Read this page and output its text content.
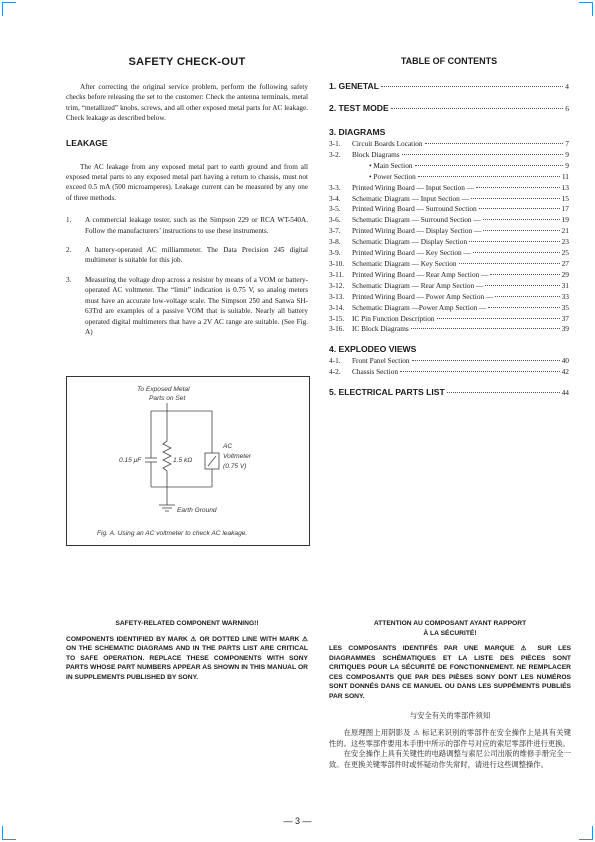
SAFETY CHECK-OUT

After correcting the original service problem, perform the following safety checks before releasing the set to the customer: Check the antenna terminals, metal trim, “metallized” knobs, screws, and all other exposed metal parts for AC leakage. Check leakage as described below.

LEAKAGE

The AC leakage from any exposed metal part to earth ground and from all exposed metal parts to any exposed metal part having a return to chassis, must not exceed 0.5 mA (500 microamperes). Leakage current can be measured by any one of three methods.

1.	A commercial leakage tester, such as the Simpson 229 or RCA WT-540A. Follow the manufacturers’ instructions to use these instruments.
2.	A battery-operated AC milliammeter. The Data Precision 245 digital multimeter is suitable for this job.
3.	Measuring the voltage drop across a resistor by means of a VOM or battery-operated AC voltmeter. The “limit” indication is 0.75 V, so analog meters must have an accurate low-voltage scale. The Simpson 250 and Sanwa SH-63Trd are examples of a passive VOM that is suitable. Nearly all battery operated digital multimeters that have a 2V AC range are suitable. (See Fig. A)
To Exposed Metal
Parts on Set
0.15 μF	1.5 kΩ
AC
Voltmeter
(0.75 V)
Earth Ground
Fig. A. Using an AC voltmeter to check AC leakage.
TABLE OF CONTENTS
1. GENETAL	4
2. TEST MODE	6
3. DIAGRAMS
3-1.	Circuit Boards Location	7
3-2.	Block Diagrams	9
• Main Section	9
• Power Section	11
3-3.	Printed Wiring Board — Input Section —	13
3-4.	Schematic Diagram — Input Section —	15
3-5.	Printed Wiring Board — Surround Section	17
3-6.	Schematic Diagram — Surround Section —	19
3-7.	Printed Wiring Board — Display Section —	21
3-8.	Schematic Diagram — Display Section	23
3-9.	Printed Wiring Board — Key Section —	25
3-10.	Schematic Diagram — Key Section	27
3-11.	Printed Wiring Board — Rear Amp Section —	29
3-12.	Schematic Diagram — Rear Amp Section —	31
3-13.	Printed Wiring Board — Power Amp Section —	33
3-14.	Schematic Diagram —Power Amp Section —	35
3-15.	IC Pin Function Description	37
3-16.	IC Block Diagrams	39
4. EXPLODEO VIEWS
4-1.	Front Panel Section	40
4-2.	Chassis Section	42
5. ELECTRICAL PARTS LIST	44
SAFETY-RELATED COMPONENT WARNING!!
COMPONENTS IDENTIFIED BY MARK ⚠ OR DOTTED LINE WITH MARK ⚠ ON THE SCHEMATIC DIAGRAMS AND IN THE PARTS LIST ARE CRITICAL TO SAFE OPERATION. REPLACE THESE COMPONENTS WITH SONY PARTS WHOSE PART NUMBERS APPEAR AS SHOWN IN THIS MANUAL OR IN SUPPLEMENTS PUBLISHED BY SONY.
ATTENTION AU COMPOSANT AYANT RAPPORT
À LA SÉCURITÉ!
LES COMPOSANTS IDENTIFÉS PAR UNE MARQUE ⚠ SUR LES DIAGRAMMES SCHÉMATIQUES ET LA LISTE DES PIÈCES SONT CRITIQUES POUR LA SÉCURITÉ DE FONCTIONNEMENT. NE REMPLACER CES COMPOSANTS QUE PAR DES PIÈSES SONY DONT LES NUMÉROS SONT DONNÉS DANS CE MANUEL OU DANS LES SUPPÉMENTS PUBLIÉS PAR SONY.
与安全有关的零部件须知

在原理图上用阴影及 ⚠ 标记来识别的零部件在安全操作上是具有关键性的。这些零部件要用本手册中所示的部件号对应的索尼零部件进行更换。

在安全操作上具有关键性的电路调整与索尼公司出版的维修手册完全一致。在更换关键零部件时或怀疑动作失常时，请进行这些调整操作。

— 3 —
